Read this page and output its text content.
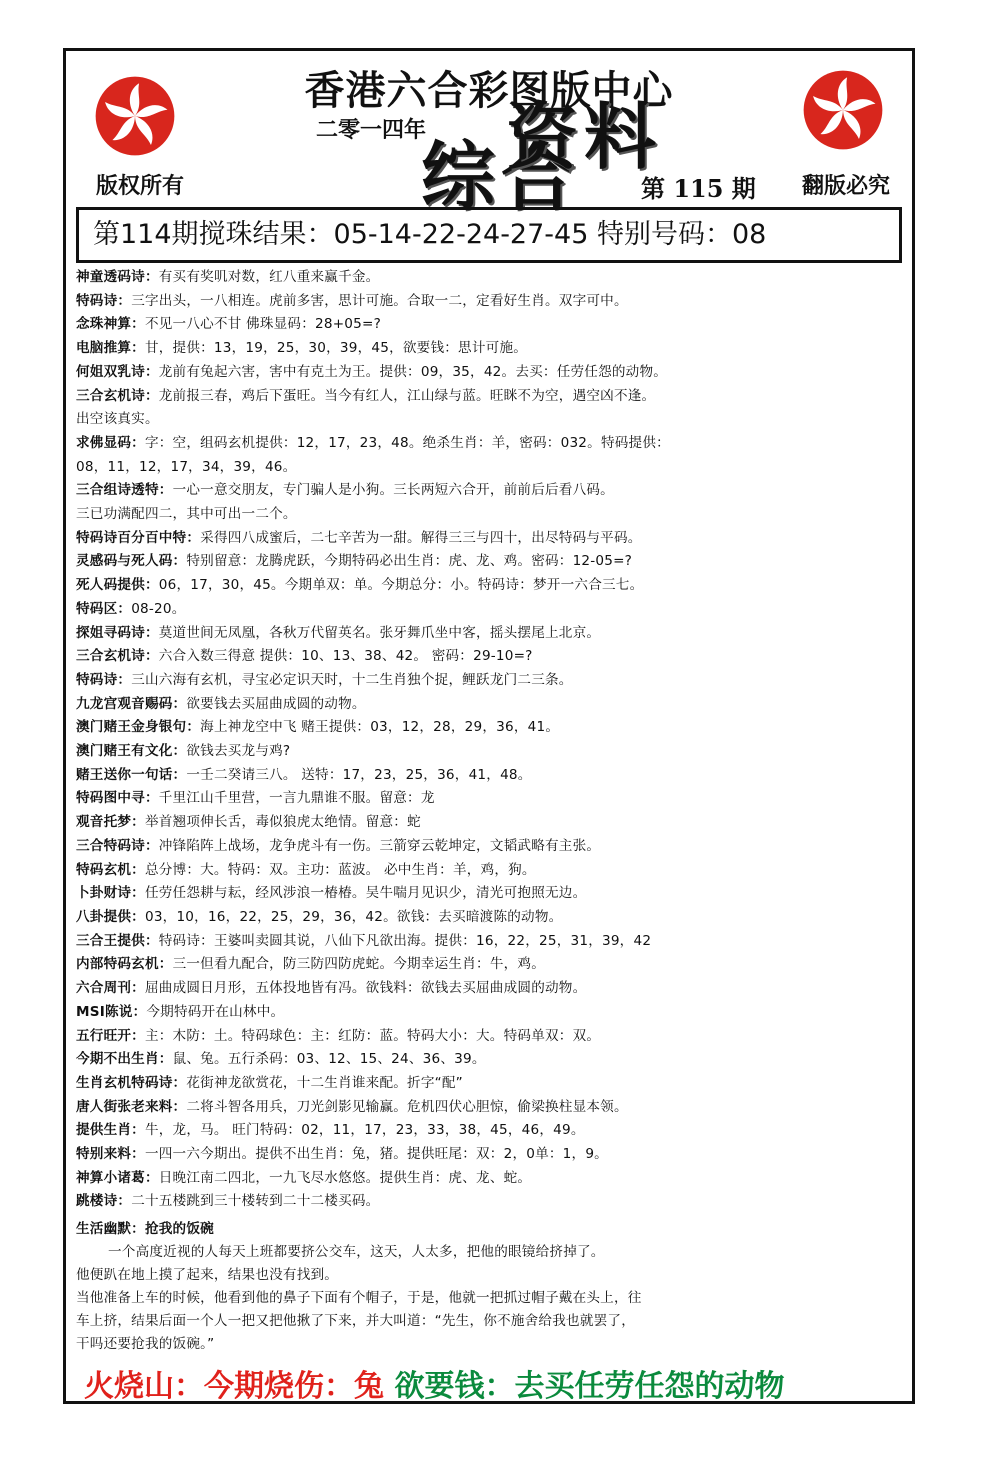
香港六合彩图版中心
二零一四年
综合
资料
版权所有	第 115 期 翻版必究
第114期搅珠结果：05-14-22-24-27-45 特别号码：08
神童透码诗：有买有奖叽对数，红八重来赢千金。
特码诗：三字出头，一八相连。虎前多害，思计可施。合取一二，定看好生肖。双字可中。
念珠神算：不见一八心不甘 佛珠显码：28+05=?
电脑推算：甘，提供：13，19，25，30，39，45，欲要钱：思计可施。
何姐双乳诗：龙前有兔起六害，害中有克土为王。提供：09，35，42。去买：任劳任怨的动物。
三合玄机诗：龙前报三春，鸡后下蛋旺。当今有红人，江山绿与蓝。旺眯不为空，遇空凶不逢。
出空该真实。
求佛显码：字：空，组码玄机提供：12，17，23，48。绝杀生肖：羊，密码：032。特码提供：
08，11，12，17，34，39，46。
三合组诗透特：一心一意交朋友，专门骗人是小狗。三长两短六合开，前前后后看八码。
三已功满配四二，其中可出一二个。
特码诗百分百中特：采得四八成蜜后，二七辛苦为一甜。解得三三与四十，出尽特码与平码。
灵感码与死人码：特别留意：龙腾虎跃，今期特码必出生肖：虎、龙、鸡。密码：12-05=?
死人码提供：06，17，30，45。今期单双：单。今期总分：小。特码诗：梦开一六合三七。
特码区：08-20。
探姐寻码诗：莫道世间无凤凰，各秋万代留英名。张牙舞爪坐中客，摇头摆尾上北京。
三合玄机诗：六合入数三得意 提供：10、13、38、42。 密码：29-10=?
特码诗：三山六海有玄机，寻宝必定识天时，十二生肖独个捉，鲤跃龙门二三条。
九龙宫观音赐码：欲要钱去买屈曲成圆的动物。
澳门赌王金身银句：海上神龙空中飞 赌王提供：03，12，28，29，36，41。
澳门赌王有文化：欲钱去买龙与鸡?
赌王送你一句话：一壬二癸请三八。 送特：17，23，25，36，41，48。
特码图中寻：千里江山千里营，一言九鼎谁不服。留意：龙
观音托梦：举首翘项伸长舌，毒似狼虎太绝情。留意：蛇
三合特码诗：冲锋陷阵上战场，龙争虎斗有一伤。三箭穿云乾坤定，文韬武略有主张。
特码玄机：总分博：大。特码：双。主功：蓝波。 必中生肖：羊，鸡，狗。
卜卦财诗：任劳任怨耕与耘，经风涉浪一椿椿。吴牛喘月见识少，清光可抱照无边。
八卦提供：03，10，16，22，25，29，36，42。欲钱：去买暗渡陈的动物。
三合王提供：特码诗：王婆叫卖圆其说，八仙下凡欲出海。提供：16，22，25，31，39，42
内部特码玄机：三一但看九配合，防三防四防虎蛇。今期幸运生肖：牛，鸡。
六合周刊：屈曲成圆日月形，五体投地皆有冯。欲钱料：欲钱去买屈曲成圆的动物。
MSI陈说：今期特码开在山林中。
五行旺开：主：木防：土。特码球色：主：红防：蓝。特码大小：大。特码单双：双。
今期不出生肖：鼠、兔。五行杀码：03、12、15、24、36、39。
生肖玄机特码诗：花街神龙欲赏花，十二生肖谁来配。折字“配”
唐人街张老来料：二将斗智各用兵，刀光剑影见输赢。危机四伏心胆惊，偷梁换柱显本领。
提供生肖：牛，龙，马。 旺门特码：02，11，17，23，33，38，45，46，49。
特别来料：一四一六今期出。提供不出生肖：兔，猪。提供旺尾：双：2，0单：1，9。
神算小诸葛：日晚江南二四北，一九飞尽水悠悠。提供生肖：虎、龙、蛇。
跳楼诗：二十五楼跳到三十楼转到二十二楼买码。
生活幽默：抢我的饭碗
一个高度近视的人每天上班都要挤公交车，这天，人太多，把他的眼镜给挤掉了。
他便趴在地上摸了起来，结果也没有找到。
当他准备上车的时候，他看到他的鼻子下面有个帽子，于是，他就一把抓过帽子戴在头上，往
车上挤，结果后面一个人一把又把他揪了下来，并大叫道：“先生，你不施舍给我也就罢了，
干吗还要抢我的饭碗。”
火烧山：今期烧伤：兔 欲要钱：去买任劳任怨的动物
